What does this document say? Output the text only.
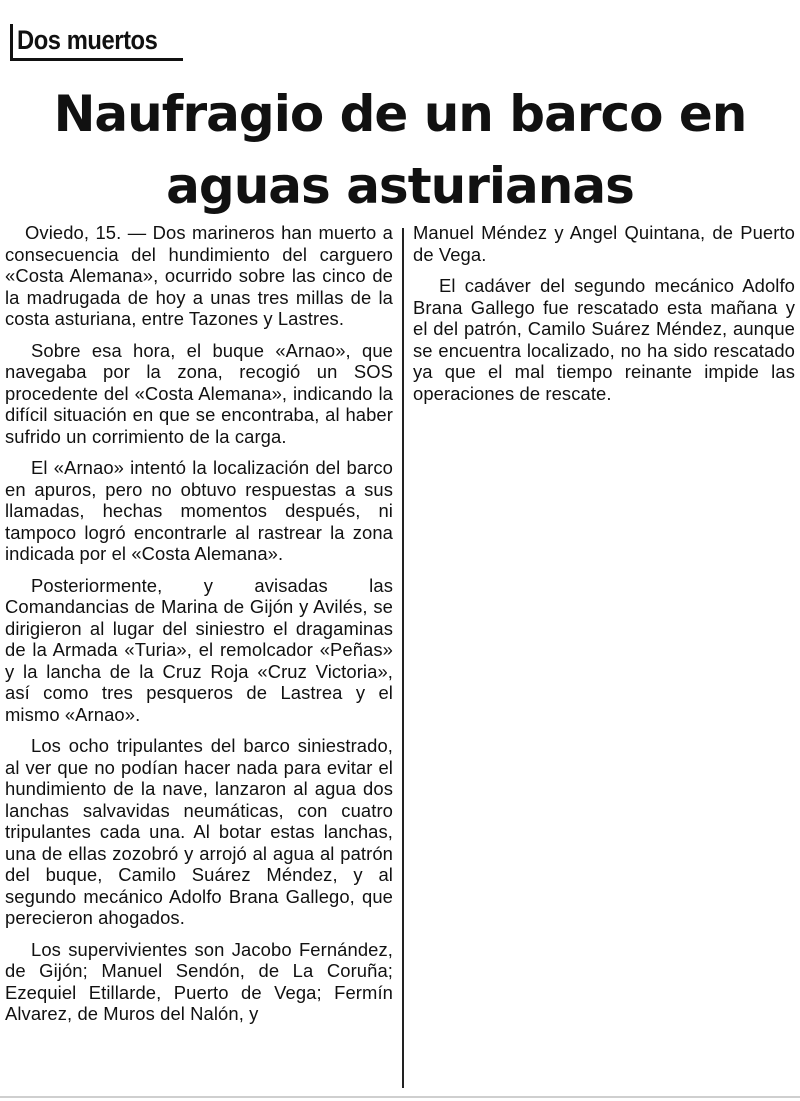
Dos muertos
Naufragio de un barco en
aguas asturianas

Oviedo, 15. — Dos marineros han muerto a consecuencia del hundimiento del carguero «Costa Alemana», ocurrido sobre las cinco de la madrugada de hoy a unas tres millas de la costa asturiana, entre Tazones y Lastres.

Sobre esa hora, el buque «Arnao», que navegaba por la zona, recogió un SOS procedente del «Costa Alemana», indicando la difícil situación en que se encontraba, al haber sufrido un corrimiento de la carga.

El «Arnao» intentó la localización del barco en apuros, pero no obtuvo respuestas a sus llamadas, hechas momentos después, ni tampoco logró encontrarle al rastrear la zona indicada por el «Costa Alemana».

Posteriormente, y avisadas las Comandancias de Marina de Gijón y Avilés, se dirigieron al lugar del siniestro el dragaminas de la Armada «Turia», el remolcador «Peñas» y la lancha de la Cruz Roja «Cruz Victoria», así como tres pesqueros de Lastrea y el mismo «Arnao».

Los ocho tripulantes del barco siniestrado, al ver que no podían hacer nada para evitar el hundimiento de la nave, lanzaron al agua dos lanchas salvavidas neumáticas, con cuatro tripulantes cada una. Al botar estas lanchas, una de ellas zozobró y arrojó al agua al patrón del buque, Camilo Suárez Méndez, y al segundo mecánico Adolfo Brana Gallego, que perecieron ahogados.

Los supervivientes son Jacobo Fernández, de Gijón; Manuel Sendón, de La Coruña; Ezequiel Etillarde, Puerto de Vega; Fermín Alvarez, de Muros del Nalón, y

Manuel Méndez y Angel Quintana, de Puerto de Vega.

El cadáver del segundo mecánico Adolfo Brana Gallego fue rescatado esta mañana y el del patrón, Camilo Suárez Méndez, aunque se encuentra localizado, no ha sido rescatado ya que el mal tiempo reinante impide las operaciones de rescate.
